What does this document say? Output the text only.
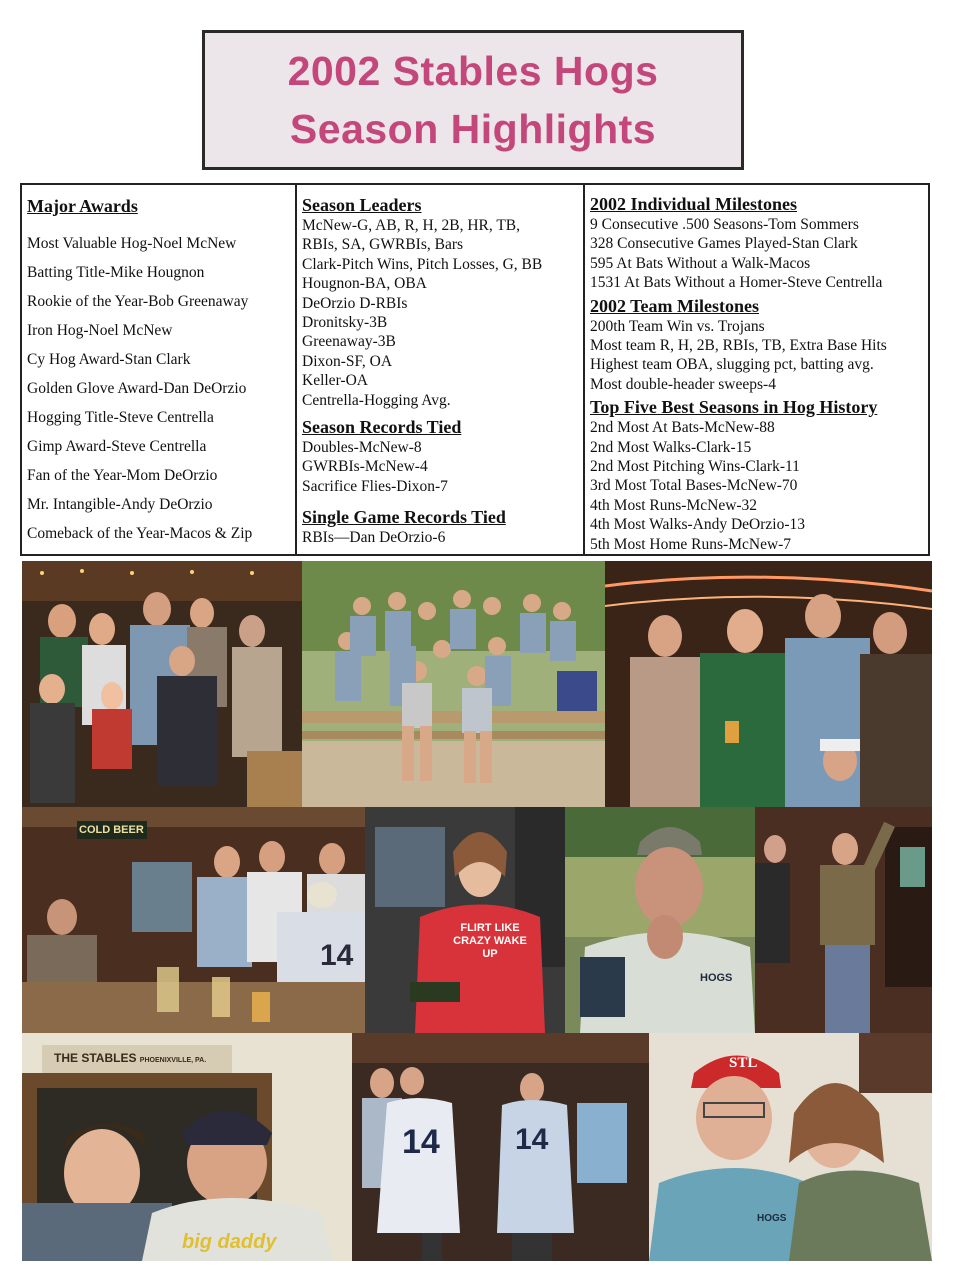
2002 Stables Hogs
Season Highlights
Major Awards
Most Valuable Hog-Noel McNew
Batting Title-Mike Hougnon
Rookie of the Year-Bob Greenaway
Iron Hog-Noel McNew
Cy Hog Award-Stan Clark
Golden Glove Award-Dan DeOrzio
Hogging Title-Steve Centrella
Gimp Award-Steve Centrella
Fan of the Year-Mom DeOrzio
Mr. Intangible-Andy DeOrzio
Comeback of the Year-Macos & Zip
Season Leaders
McNew-G, AB, R, H, 2B, HR, TB,
RBIs, SA, GWRBIs, Bars
Clark-Pitch Wins, Pitch Losses, G, BB
Hougnon-BA, OBA
DeOrzio D-RBIs
Dronitsky-3B
Greenaway-3B
Dixon-SF, OA
Keller-OA
Centrella-Hogging Avg.
Season Records Tied
Doubles-McNew-8
GWRBIs-McNew-4
Sacrifice Flies-Dixon-7
Single Game Records Tied
RBIs—Dan DeOrzio-6
2002 Individual Milestones
9 Consecutive .500 Seasons-Tom Sommers
328 Consecutive Games Played-Stan Clark
595 At Bats Without a Walk-Macos
1531 At Bats Without a Homer-Steve Centrella
2002 Team Milestones
200th Team Win vs. Trojans
Most team R, H, 2B, RBIs, TB, Extra Base Hits
Highest team OBA, slugging pct, batting avg.
Most double-header sweeps-4
Top Five Best Seasons in Hog History
2nd Most At Bats-McNew-88
2nd Most Walks-Clark-15
2nd Most Pitching Wins-Clark-11
3rd Most Total Bases-McNew-70
4th Most Runs-McNew-32
4th Most Walks-Andy DeOrzio-13
5th Most Home Runs-McNew-7
COLD BEER
14
FLIRT LIKE CRAZY WAKE UP
HOGS
THE STABLES PHOENIXVILLE, PA.
big daddy
14	14
STL
HOGS
